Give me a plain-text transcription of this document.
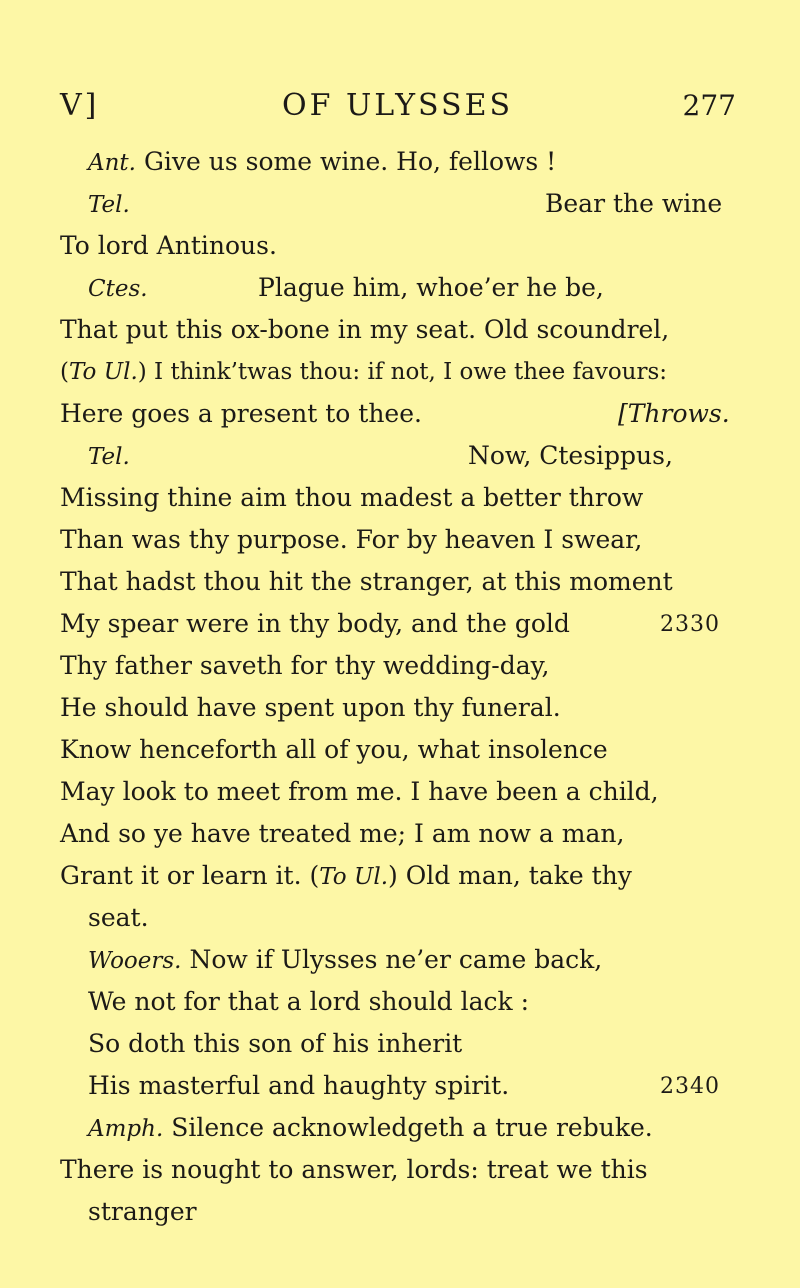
V]	OF ULYSSES	277
Ant. Give us some wine. Ho, fellows !
Tel.	Bear the wine
To lord Antinous.
Ctes.	Plague him, whoe’er he be,
That put this ox-bone in my seat. Old scoundrel,
(To Ul.) I think’twas thou: if not, I owe thee favours:
Here goes a present to thee.	[Throws.
Tel.	Now, Ctesippus,
Missing thine aim thou madest a better throw
Than was thy purpose. For by heaven I swear,
That hadst thou hit the stranger, at this moment
My spear were in thy body, and the gold	2330
Thy father saveth for thy wedding-day,
He should have spent upon thy funeral.
Know henceforth all of you, what insolence
May look to meet from me. I have been a child,
And so ye have treated me; I am now a man,
Grant it or learn it. (To Ul.) Old man, take thy
seat.
Wooers. Now if Ulysses ne’er came back,
We not for that a lord should lack :
So doth this son of his inherit
His masterful and haughty spirit.	2340
Amph. Silence acknowledgeth a true rebuke.
There is nought to answer, lords: treat we this
stranger
